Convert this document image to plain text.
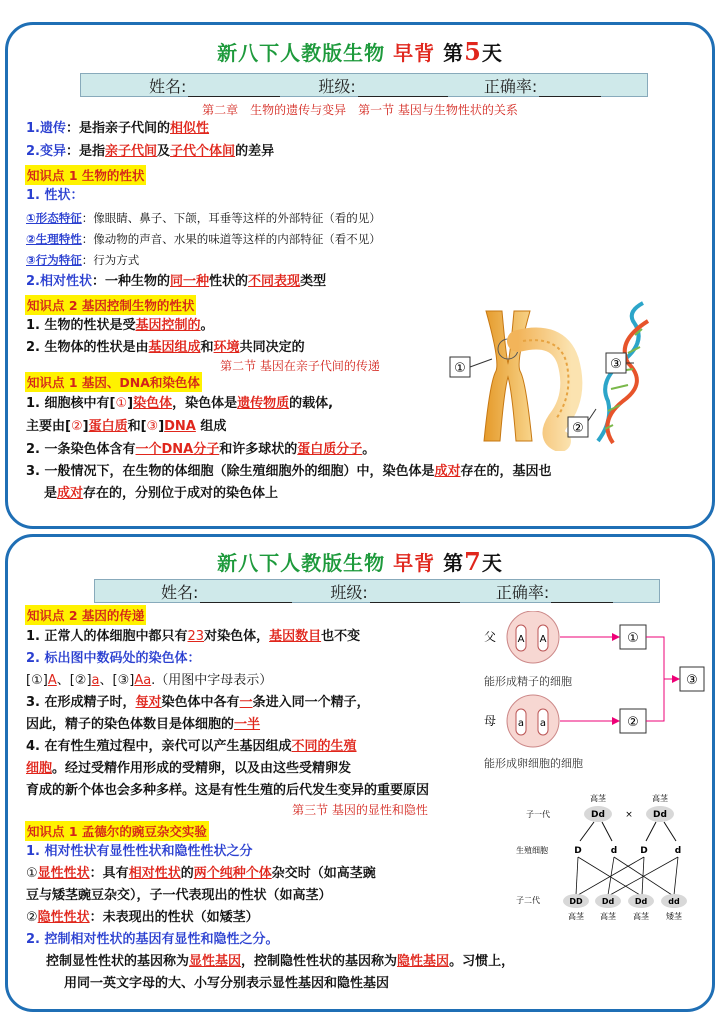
新八下人教版生物 早背 第5天
姓名:	班级:	正确率:
第二章　生物的遗传与变异　第一节 基因与生物性状的关系
1.遗传：是指亲子代间的相似性
2.变异：是指亲子代间及子代个体间的差异
知识点 1 生物的性状
1. 性状：
①形态特征：像眼睛、鼻子、下颌，耳垂等这样的外部特征（看的见）
②生理特性：像动物的声音、水果的味道等这样的内部特征（看不见）
③行为特征：行为方式
2.相对性状：一种生物的同一种性状的不同表现类型
知识点 2 基因控制生物的性状
1. 生物的性状是受基因控制的。
2. 生物体的性状是由基因组成和环境共同决定的
第二节 基因在亲子代间的传递
知识点 1 基因、DNA和染色体
1. 细胞核中有[①]染色体，染色体是遗传物质的载体,
主要由[②]蛋白质和[③]DNA 组成
2. 一条染色体含有一个DNA分子和许多球状的蛋白质分子。
3. 一般情况下，在生物的体细胞（除生殖细胞外的细胞）中，染色体是成对存在的，基因也
是成对存在的，分别位于成对的染色体上
①
②
③
新八下人教版生物 早背 第7天
姓名:	班级:	正确率:
知识点 2 基因的传递
1. 正常人的体细胞中都只有23对染色体，基因数目也不变
2. 标出图中数码处的染色体：
[①]A、[②]a、[③]Aa.（用图中字母表示）
3. 在形成精子时，每对染色体中各有一条进入同一个精子，
因此，精子的染色体数目是体细胞的一半
4. 在有性生殖过程中，亲代可以产生基因组成不同的生殖
细胞。经过受精作用形成的受精卵，以及由这些受精卵发
育成的新个体也会多种多样。这是有性生殖的后代发生变异的重要原因
第三节 基因的显性和隐性
知识点 1 孟德尔的豌豆杂交实验
1. 相对性状有显性性状和隐性性状之分
①显性性状：具有相对性状的两个纯种个体杂交时（如高茎豌
豆与矮茎豌豆杂交），子一代表现出的性状（如高茎）
②隐性性状：未表现出的性状（如矮茎）
2. 控制相对性状的基因有显性和隐性之分。
控制显性性状的基因称为显性基因，控制隐性性状的基因称为隐性基因。习惯上，
用同一英文字母的大、小写分别表示显性基因和隐性基因
父 A A
能形成精子的细胞
母 a a
能形成卵细胞的细胞
①
②
③
高茎	高茎
子一代	Dd × Dd
生殖细胞	D	d	D	d
子二代	DD Dd	Dd	dd
高茎 高茎 高茎 矮茎
